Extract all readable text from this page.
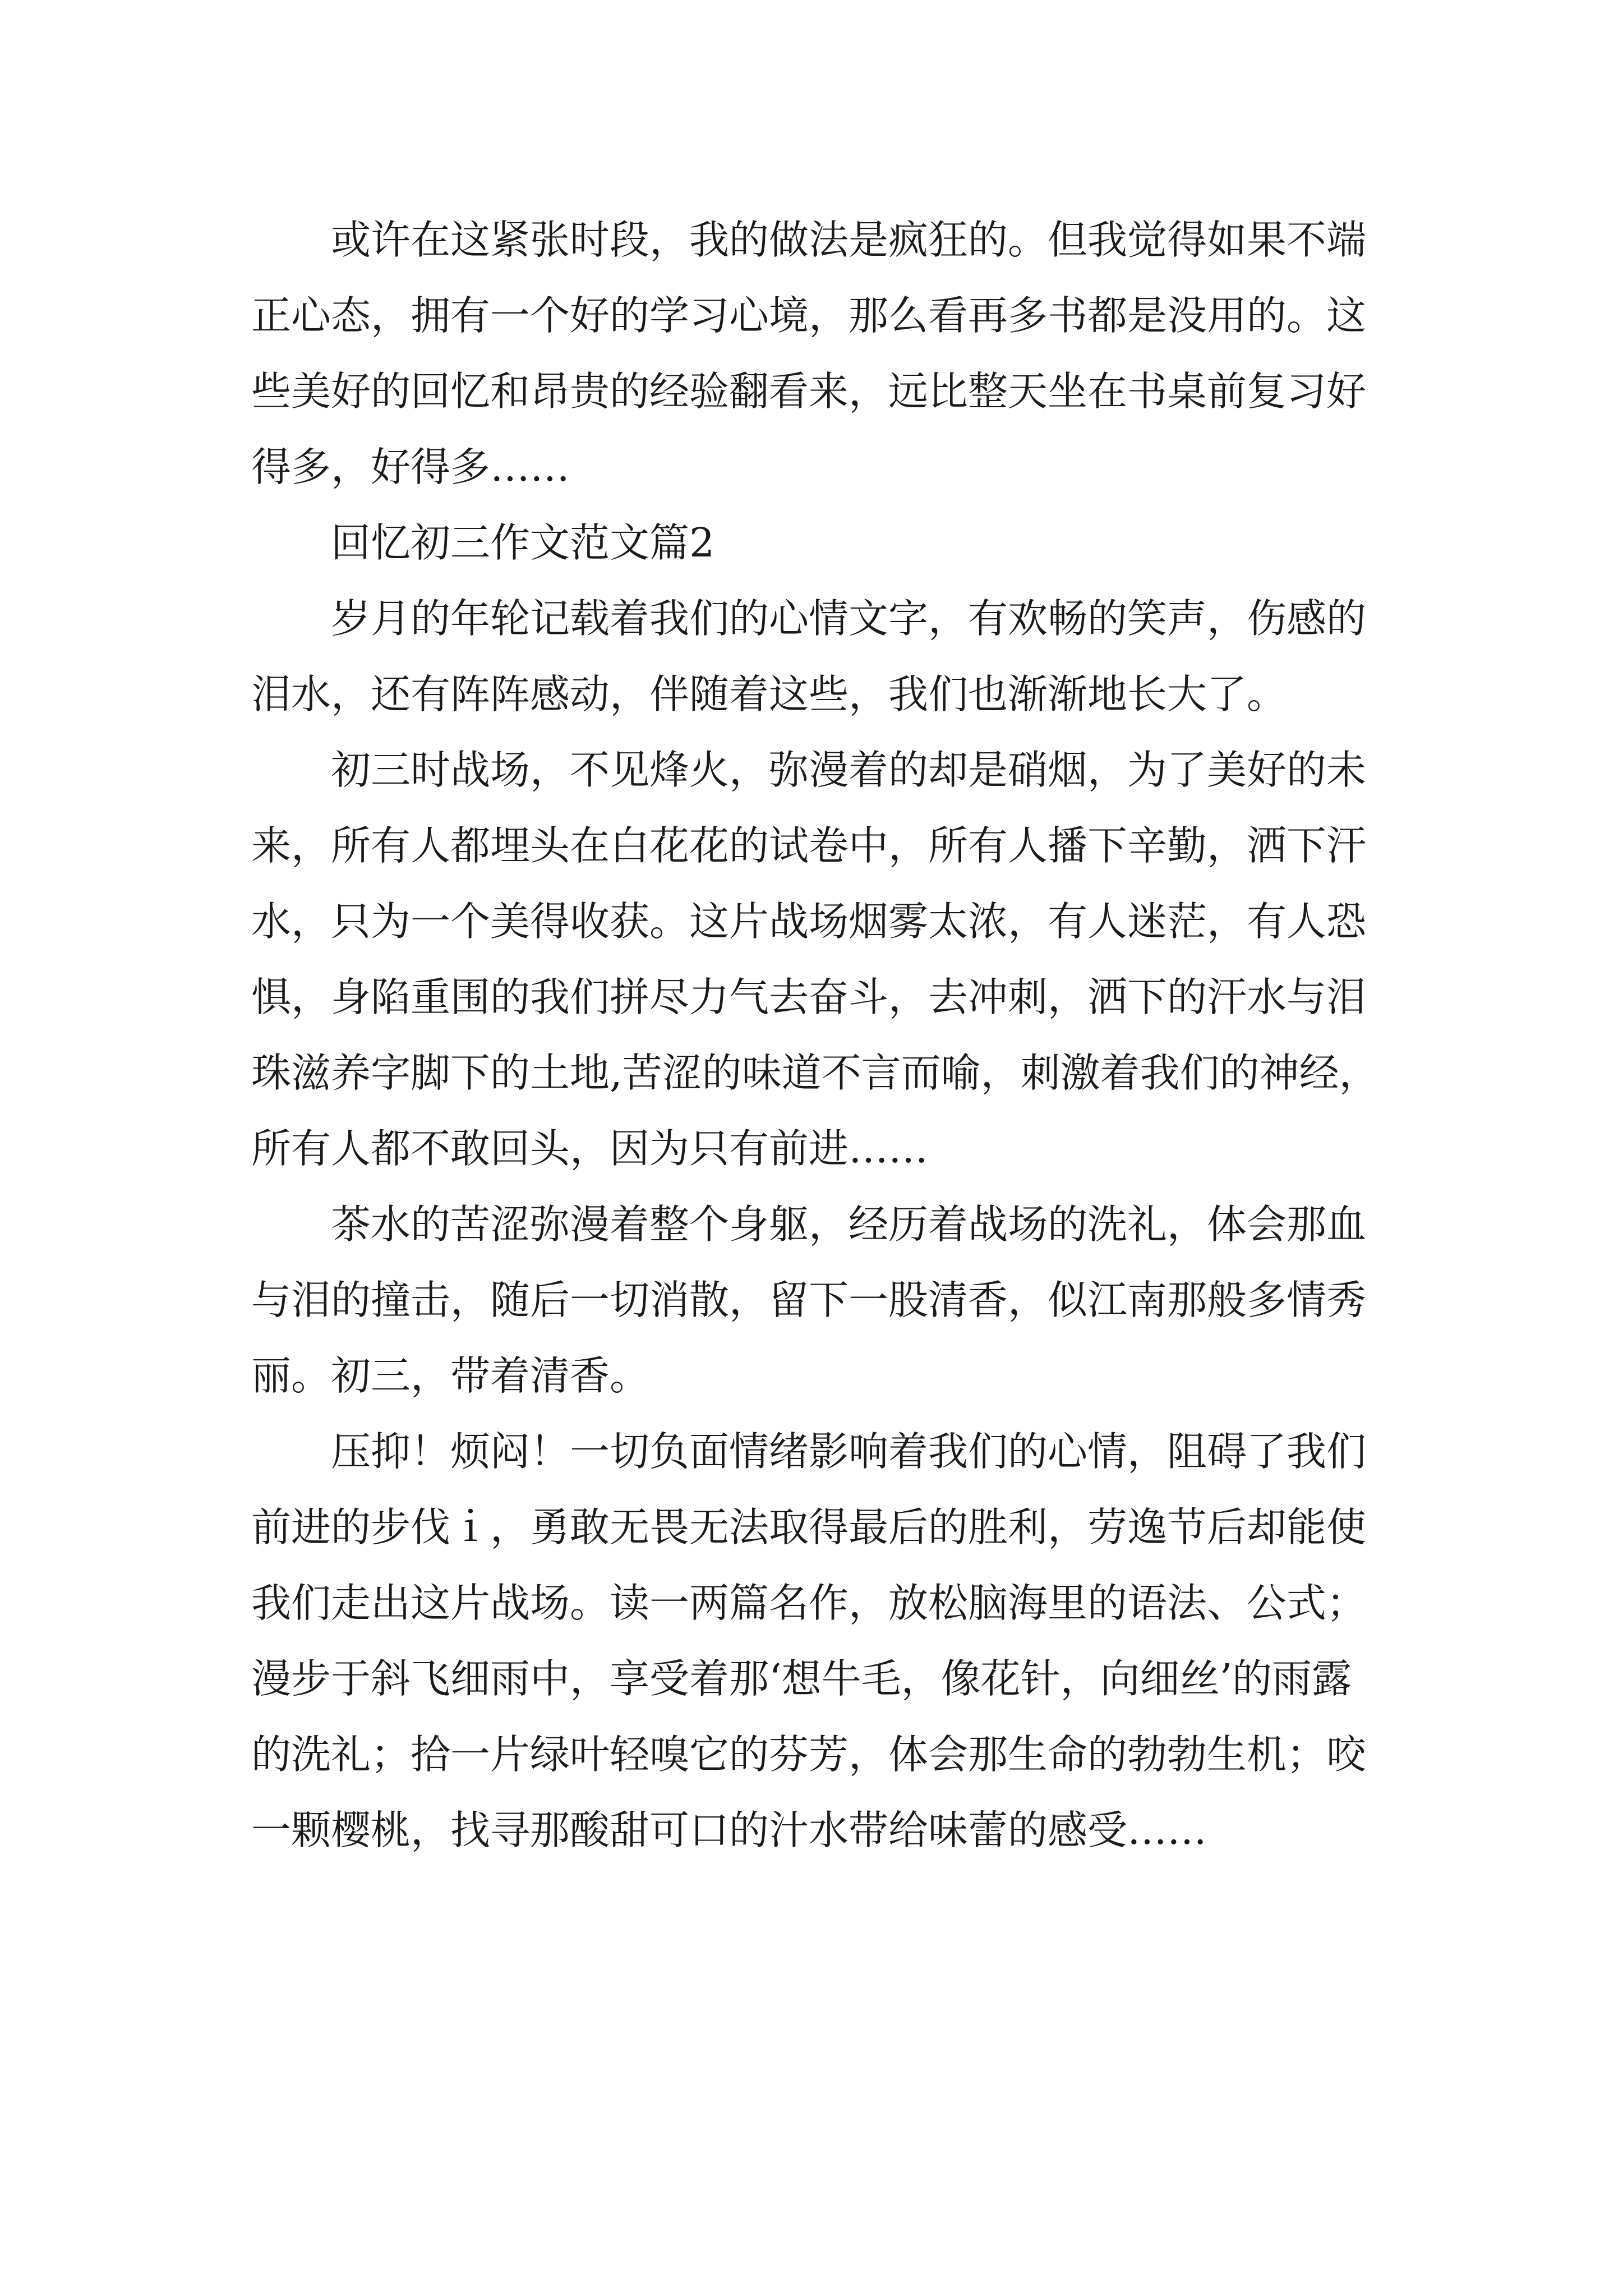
或许在这紧张时段，我的做法是疯狂的。但我觉得如果不端正心态，拥有一个好的学习心境，那么看再多书都是没用的。这些美好的回忆和昂贵的经验翻看来，远比整天坐在书桌前复习好得多，好得多……

回忆初三作文范文篇2

岁月的年轮记载着我们的心情文字，有欢畅的笑声，伤感的泪水，还有阵阵感动，伴随着这些，我们也渐渐地长大了。

初三时战场，不见烽火，弥漫着的却是硝烟，为了美好的未来，所有人都埋头在白花花的试卷中，所有人播下辛勤，洒下汗水，只为一个美得收获。这片战场烟雾太浓，有人迷茫，有人恐惧，身陷重围的我们拼尽力气去奋斗，去冲刺，洒下的汗水与泪珠滋养字脚下的土地,苦涩的味道不言而喻，刺激着我们的神经，所有人都不敢回头，因为只有前进……

茶水的苦涩弥漫着整个身躯，经历着战场的洗礼，体会那血与泪的撞击，随后一切消散，留下一股清香，似江南那般多情秀丽。初三，带着清香。

压抑！烦闷！一切负面情绪影响着我们的心情，阻碍了我们前进的步伐ｉ，勇敢无畏无法取得最后的胜利，劳逸节后却能使我们走出这片战场。读一两篇名作，放松脑海里的语法、公式；漫步于斜飞细雨中，享受着那‘想牛毛，像花针，向细丝’的雨露的洗礼；拾一片绿叶轻嗅它的芬芳，体会那生命的勃勃生机；咬一颗樱桃，找寻那酸甜可口的汁水带给味蕾的感受……
